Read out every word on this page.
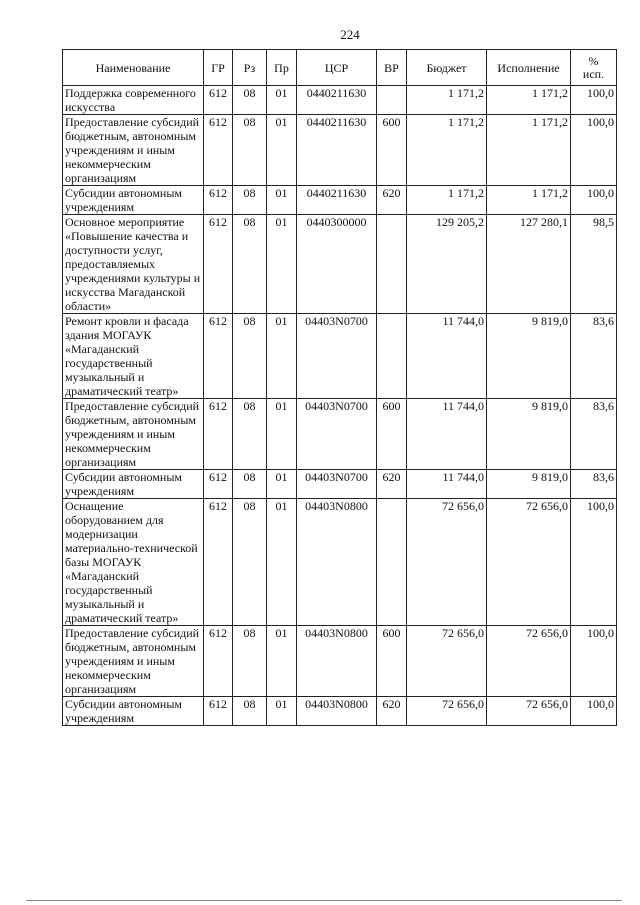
224
Наименование	ГР	Рз	Пр	ЦСР	ВР	Бюджет	Исполнение	%
исп.
Поддержка современного искусства	612	08	01	0440211630		1 171,2	1 171,2	100,0
Предоставление субсидий бюджетным, автономным учреждениям и иным некоммерческим организациям	612	08	01	0440211630	600	1 171,2	1 171,2	100,0
Субсидии автономным учреждениям	612	08	01	0440211630	620	1 171,2	1 171,2	100,0
Основное мероприятие «Повышение качества и доступности услуг, предоставляемых учреждениями культуры и искусства Магаданской области»	612	08	01	0440300000		129 205,2	127 280,1	98,5
Ремонт кровли и фасада здания МОГАУК «Магаданский государственный музыкальный и драматический театр»	612	08	01	04403N0700		11 744,0	9 819,0	83,6
Предоставление субсидий бюджетным, автономным учреждениям и иным некоммерческим организациям	612	08	01	04403N0700	600	11 744,0	9 819,0	83,6
Субсидии автономным учреждениям	612	08	01	04403N0700	620	11 744,0	9 819,0	83,6
Оснащение оборудованием для модернизации материально-технической базы МОГАУК «Магаданский государственный музыкальный и драматический театр»	612	08	01	04403N0800		72 656,0	72 656,0	100,0
Предоставление субсидий бюджетным, автономным учреждениям и иным некоммерческим организациям	612	08	01	04403N0800	600	72 656,0	72 656,0	100,0
Субсидии автономным учреждениям	612	08	01	04403N0800	620	72 656,0	72 656,0	100,0
